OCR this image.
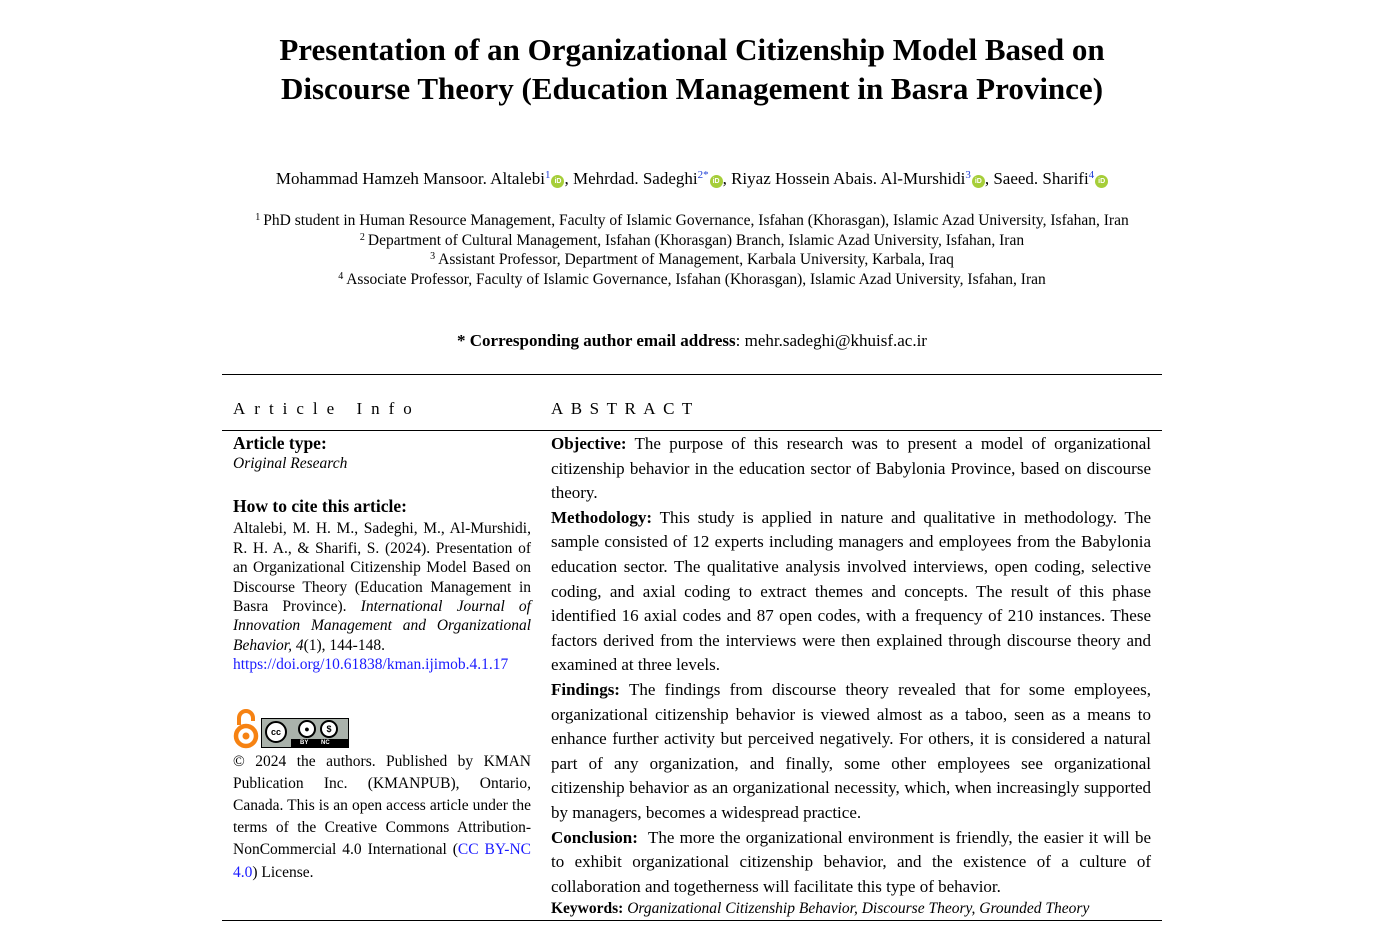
Presentation of an Organizational Citizenship Model Based on
Discourse Theory (Education Management in Basra Province)
Mohammad Hamzeh Mansoor. Altalebi$^1$iD , Mehrdad. Sadeghi$^{2*}$iD , Riyaz Hossein Abais. Al-Murshidi$^3$iD , Saeed. Sharifi$^4$iD
$^1$ PhD student in Human Resource Management, Faculty of Islamic Governance, Isfahan (Khorasgan), Islamic Azad University, Isfahan, Iran
$^2$ Department of Cultural Management, Isfahan (Khorasgan) Branch, Islamic Azad University, Isfahan, Iran
$^3$ Assistant Professor, Department of Management, Karbala University, Karbala, Iraq
$^4$ Associate Professor, Faculty of Islamic Governance, Isfahan (Khorasgan), Islamic Azad University, Isfahan, Iran
* Corresponding author email address: mehr.sadeghi@khuisf.ac.ir
Article Info	ABSTRACT
Article type:
Original Research
How to cite this article:
Altalebi, M. H. M., Sadeghi, M., Al-Murshidi, R. H. A., & Sharifi, S. (2024). Presentation of an Organizational Citizenship Model Based on Discourse Theory (Education Management in Basra Province). International Journal of Innovation Management and Organizational Behavior, 4(1), 144-148.
https://doi.org/10.61838/kman.ijimob.4.1.17
cc	●	$
BY NC
© 2024 the authors. Published by KMAN Publication Inc. (KMANPUB), Ontario, Canada. This is an open access article under the terms of the Creative Commons Attribution-NonCommercial 4.0 International (CC BY-NC 4.0) License.

Objective: The purpose of this research was to present a model of organizational citizenship behavior in the education sector of Babylonia Province, based on discourse theory.

Methodology: This study is applied in nature and qualitative in methodology. The sample consisted of 12 experts including managers and employees from the Babylonia education sector. The qualitative analysis involved interviews, open coding, selective coding, and axial coding to extract themes and concepts. The result of this phase identified 16 axial codes and 87 open codes, with a frequency of 210 instances. These factors derived from the interviews were then explained through discourse theory and examined at three levels.

Findings: The findings from discourse theory revealed that for some employees, organizational citizenship behavior is viewed almost as a taboo, seen as a means to enhance further activity but perceived negatively. For others, it is considered a natural part of any organization, and finally, some other employees see organizational citizenship behavior as an organizational necessity, which, when increasingly supported by managers, becomes a widespread practice.

Conclusion:  The more the organizational environment is friendly, the easier it will be to exhibit organizational citizenship behavior, and the existence of a culture of collaboration and togetherness will facilitate this type of behavior.

Keywords: Organizational Citizenship Behavior, Discourse Theory, Grounded Theory
